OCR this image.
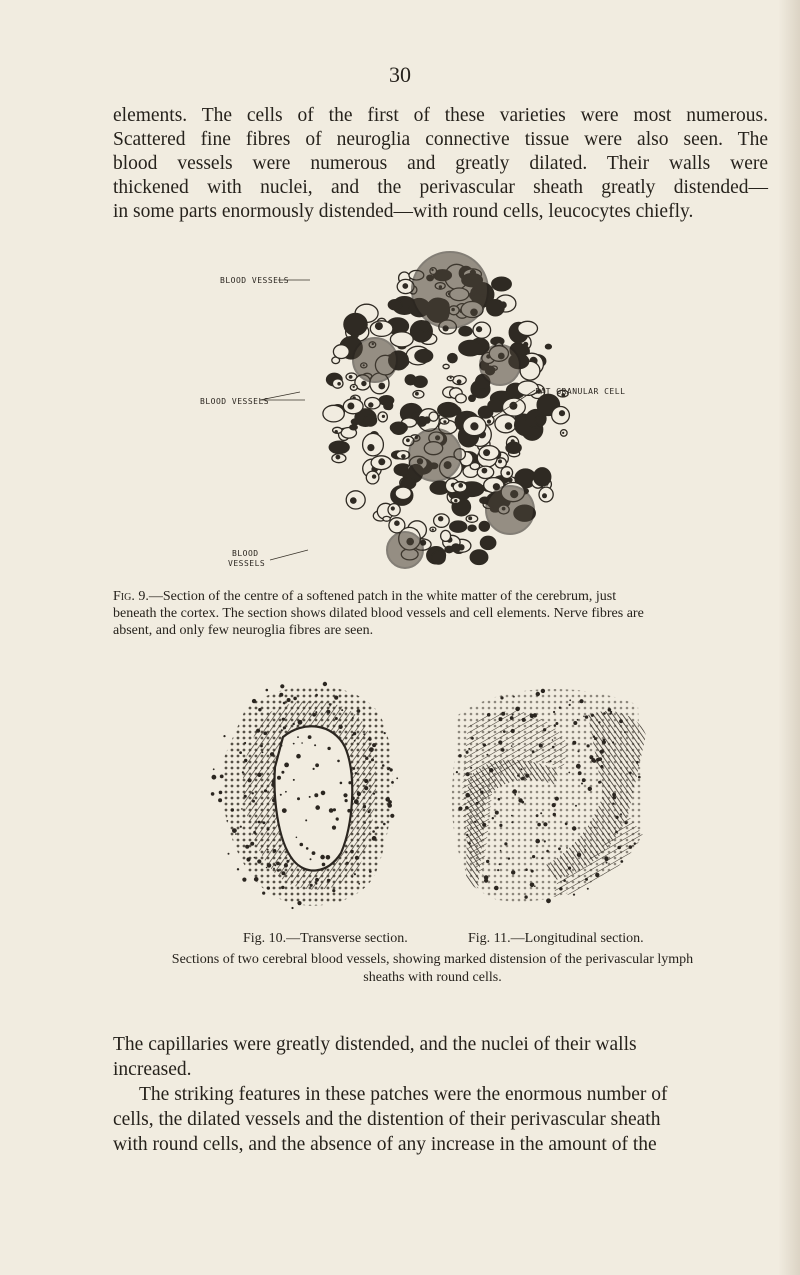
30
elements. The cells of the first of these varieties were most numerous.
Scattered fine fibres of neuroglia connective tissue were also seen. The
blood vessels were numerous and greatly dilated. Their walls were
thickened with nuclei, and the perivascular sheath greatly distended—
in some parts enormously distended—with round cells, leucocytes chiefly.
BLOOD VESSELS
BLOOD VESSELS
FAT GRANULAR CELL
BLOOD
VESSELS
Fig. 9.—Section of the centre of a softened patch in the white matter of the cerebrum, just
beneath the cortex. The section shows dilated blood vessels and cell elements. Nerve fibres are
absent, and only few neuroglia fibres are seen.
Fig. 10.—Transverse section.	Fig. 11.—Longitudinal section.
Sections of two cerebral blood vessels, showing marked distension of the perivascular lymph
sheaths with round cells.

The capillaries were greatly distended, and the nuclei of their walls
increased.

The striking features in these patches were the enormous number of
cells, the dilated vessels and the distention of their perivascular sheath
with round cells, and the absence of any increase in the amount of the
